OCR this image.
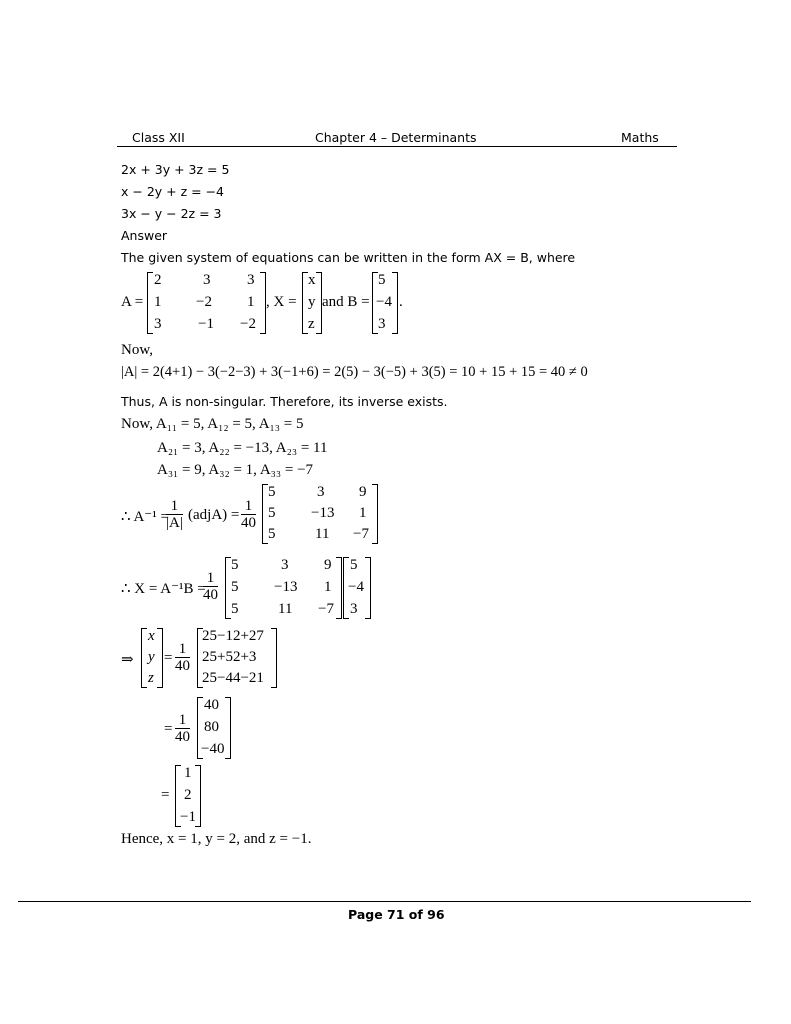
Class XII	Chapter 4 – Determinants	Maths
2x + 3y + 3z = 5
x − 2y + z = −4
3x − y − 2z = 3
Answer
The given system of equations can be written in the form AX = B, where
A =
2	3 3
1 −2 1
3 −1 −2
, X =
x
y
z
and B =
5
−4
3
.
Now,
|A| = 2(4+1) − 3(−2−3) + 3(−1+6) = 2(5) − 3(−5) + 3(5) = 10 + 15 + 15 = 40 ≠ 0
Thus, A is non-singular. Therefore, its inverse exists.
Now, A₁₁ = 5, A₁₂ = 5, A₁₃ = 5
A₂₁ = 3, A₂₂ = −13, A₂₃ = 11
A₃₁ = 9, A₃₂ = 1, A₃₃ = −7
∴ A⁻¹ =
$\frac{1}{|A|}$ (adjA) = $\frac{1}{40}$
5	3 9
5 −13 1
5	11 −7
∴ X = A⁻¹B =
$\frac{1}{40}$
5	3 9
5 −13 1
5	11 −7
5
−4
3
⇒
x
y
z
= $\frac{1}{40}$
25−12+27
25+52+3
25−44−21
= $\frac{1}{40}$
40
80
−40
=
1
2
−1
Hence, x = 1, y = 2, and z = −1.
Page 71 of 96
